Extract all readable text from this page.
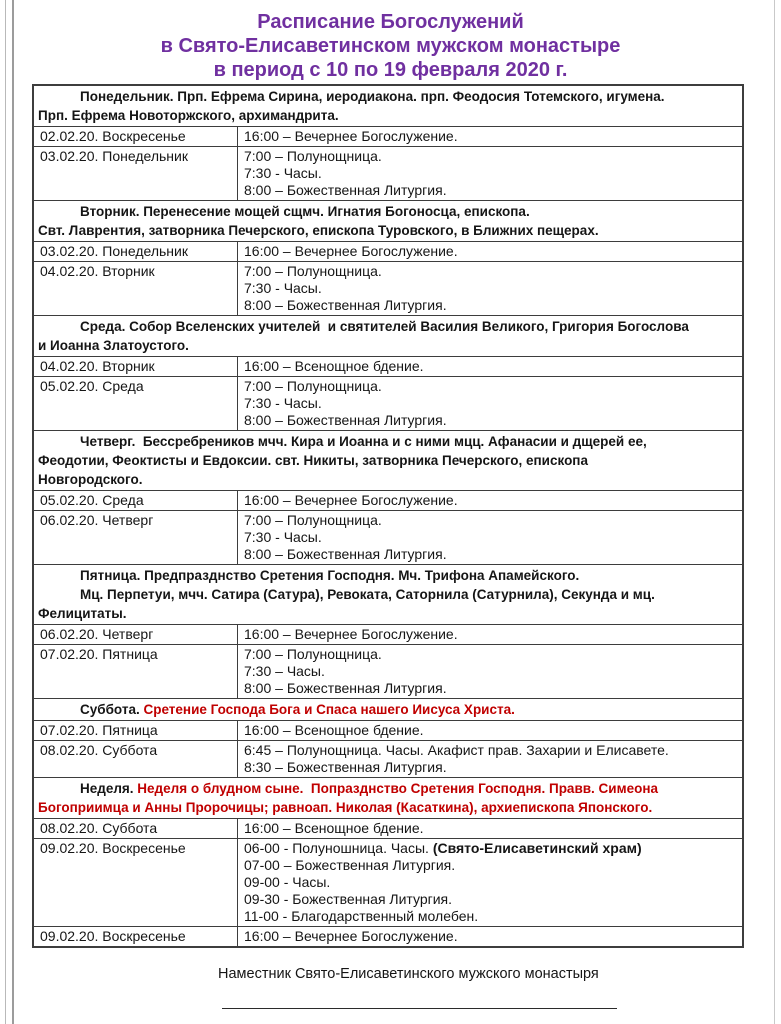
Расписание Богослужений
в Свято-Елисаветинском мужском монастыре
в период с 10 по 19 февраля 2020 г.
Понедельник. Прп. Ефрема Сирина, иеродиакона. прп. Феодосия Тотемского, игумена.
Прп. Ефрема Новоторжского, архимандрита.
02.02.20. Воскресенье	16:00 – Вечернее Богослужение.
03.02.20. Понедельник	7:00 – Полунощница.
7:30 - Часы.
8:00 – Божественная Литургия.
Вторник. Перенесение мощей сщмч. Игнатия Богоносца, епископа.
Свт. Лаврентия, затворника Печерского, епископа Туровского, в Ближних пещерах.
03.02.20. Понедельник	16:00 – Вечернее Богослужение.
04.02.20. Вторник	7:00 – Полунощница.
7:30 - Часы.
8:00 – Божественная Литургия.
Среда. Собор Вселенских учителей  и святителей Василия Великого, Григория Богослова
и Иоанна Златоустого.
04.02.20. Вторник	16:00 – Всенощное бдение.
05.02.20. Среда	7:00 – Полунощница.
7:30 - Часы.
8:00 – Божественная Литургия.
Четверг.  Бессребреников мчч. Кира и Иоанна и с ними мцц. Афанасии и дщерей ее,
Феодотии, Феоктисты и Евдоксии. свт. Никиты, затворника Печерского, епископа
Новгородского.
05.02.20. Среда	16:00 – Вечернее Богослужение.
06.02.20. Четверг	7:00 – Полунощница.
7:30 - Часы.
8:00 – Божественная Литургия.
Пятница. Предпразднство Сретения Господня. Мч. Трифона Апамейского.
Мц. Перпетуи, мчч. Сатира (Сатура), Ревоката, Саторнила (Сатурнила), Секунда и мц.
Фелицитаты.
06.02.20. Четверг	16:00 – Вечернее Богослужение.
07.02.20. Пятница	7:00 – Полунощница.
7:30 – Часы.
8:00 – Божественная Литургия.
Суббота. Сретение Господа Бога и Спаса нашего Иисуса Христа.
07.02.20. Пятница	16:00 – Всенощное бдение.
08.02.20. Суббота	6:45 – Полунощница. Часы. Акафист прав. Захарии и Елисавете.
8:30 – Божественная Литургия.
Неделя. Неделя о блудном сыне.  Попразднство Сретения Господня. Правв. Симеона
Богоприимца и Анны Пророчицы; равноап. Николая (Касаткина), архиепископа Японского.
08.02.20. Суббота	16:00 – Всенощное бдение.
09.02.20. Воскресенье	06-00 - Полуношница. Часы. (Свято-Елисаветинский храм)
07-00 – Божественная Литургия.
09-00 - Часы.
09-30 - Божественная Литургия.
11-00 - Благодарственный молебен.
09.02.20. Воскресенье	16:00 – Вечернее Богослужение.
Наместник Свято-Елисаветинского мужского монастыря
